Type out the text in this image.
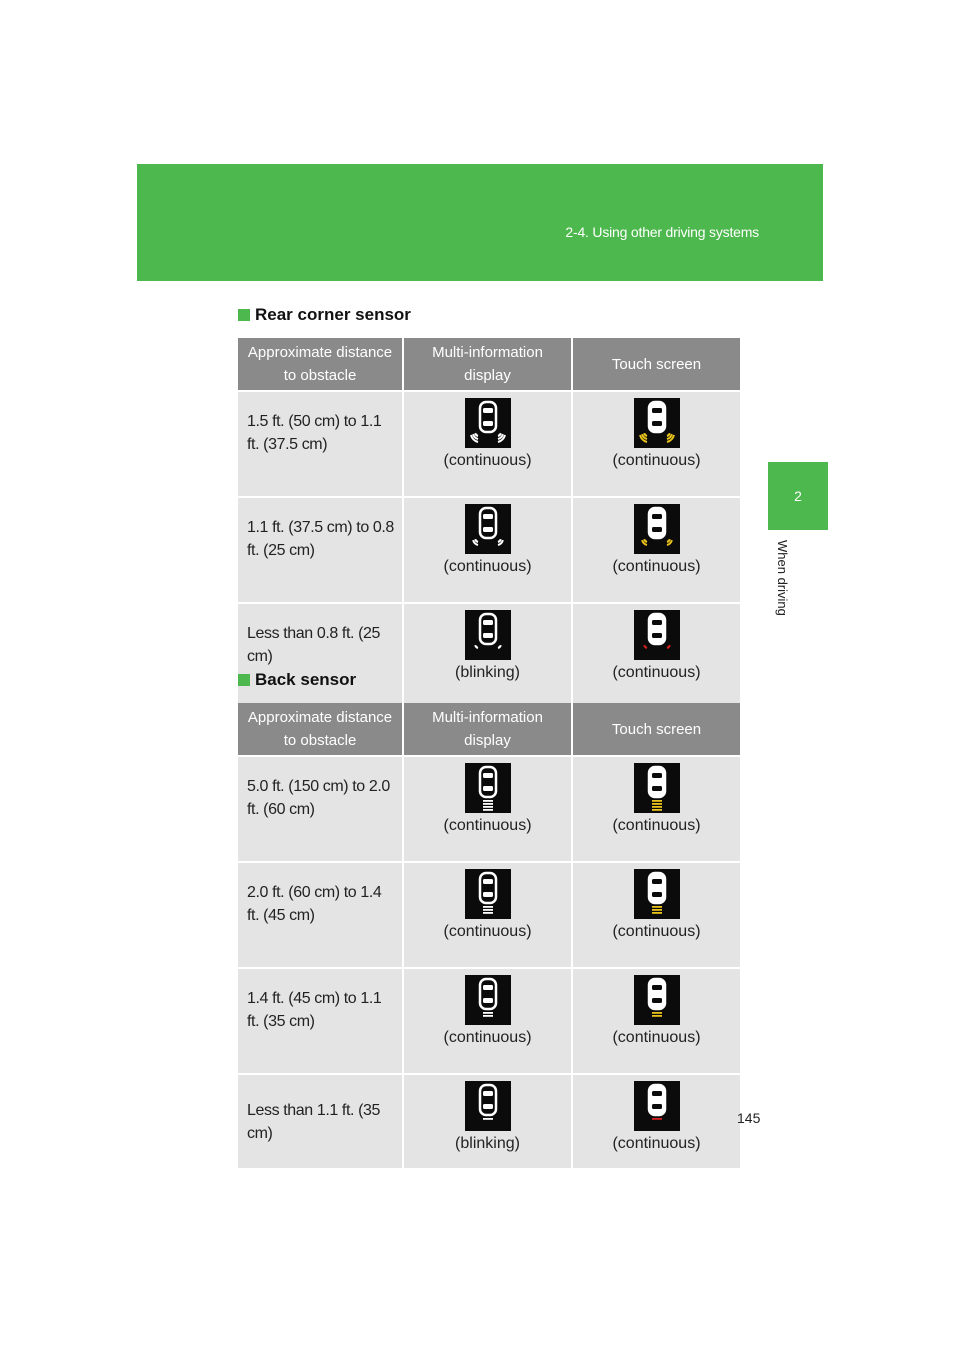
2-4. Using other driving systems
2
When driving
Rear corner sensor
Approximate distance to obstacle	Multi-information display	Touch screen
1.5 ft. (50 cm) to 1.1 ft. (37.5 cm)	(continuous)	(continuous)

1.1 ft. (37.5 cm) to 0.8 ft. (25 cm)	(continuous)	(continuous)

Less than 0.8 ft. (25 cm)	(blinking)	(continuous)
Back sensor
Approximate distance to obstacle	Multi-information display	Touch screen
5.0 ft. (150 cm) to 2.0 ft. (60 cm)	(continuous)	(continuous)

2.0 ft. (60 cm) to 1.4 ft. (45 cm)	(continuous)	(continuous)

1.4 ft. (45 cm) to 1.1 ft. (35 cm)	(continuous)	(continuous)

Less than 1.1 ft. (35 cm)	(blinking)	(continuous)
145
